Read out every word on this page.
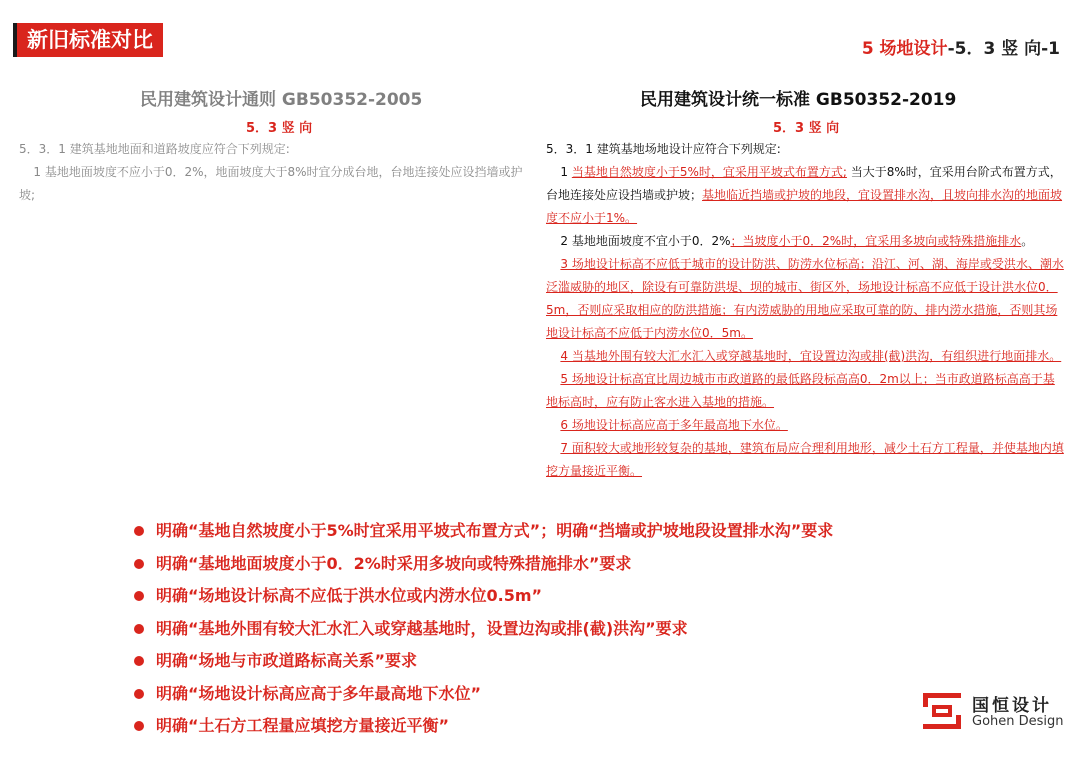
新旧标准对比	5 场地设计-5．3 竖 向-1
民用建筑设计通则 GB50352-2005	民用建筑设计统一标准 GB50352-2019
5．3 竖 向	5．3 竖 向

5．3．1 建筑基地地面和道路坡度应符合下列规定:

1 基地地面坡度不应小于0．2%，地面坡度大于8%时宜分成台地，台地连接处应设挡墙或护坡;

5．3．1 建筑基地场地设计应符合下列规定:

1 当基地自然坡度小于5%时，宜采用平坡式布置方式; 当大于8%时，宜采用台阶式布置方式，台地连接处应设挡墙或护坡；基地临近挡墙或护坡的地段，宜设置排水沟，且坡向排水沟的地面坡度不应小于1%。

2 基地地面坡度不宜小于0．2%；当坡度小于0．2%时，宜采用多坡向或特殊措施排水。

3 场地设计标高不应低于城市的设计防洪、防涝水位标高；沿江、河、湖、海岸或受洪水、潮水泛滥威胁的地区，除设有可靠防洪堤、坝的城市、街区外，场地设计标高不应低于设计洪水位0．5m，否则应采取相应的防洪措施；有内涝威胁的用地应采取可靠的防、排内涝水措施，否则其场地设计标高不应低于内涝水位0．5m。

4 当基地外围有较大汇水汇入或穿越基地时，宜设置边沟或排(截)洪沟，有组织进行地面排水。

5 场地设计标高宜比周边城市市政道路的最低路段标高高0．2m以上；当市政道路标高高于基地标高时，应有防止客水进入基地的措施。

6 场地设计标高应高于多年最高地下水位。

7 面积较大或地形较复杂的基地，建筑布局应合理利用地形，减少土石方工程量，并使基地内填挖方量接近平衡。

明确“基地自然坡度小于5%时宜采用平坡式布置方式”；明确“挡墙或护坡地段设置排水沟”要求
明确“基地地面坡度小于0．2%时采用多坡向或特殊措施排水”要求
明确“场地设计标高不应低于洪水位或内涝水位0.5m”
明确“基地外围有较大汇水汇入或穿越基地时，设置边沟或排(截)洪沟”要求
明确“场地与市政道路标高关系”要求
明确“场地设计标高应高于多年最高地下水位”
明确“土石方工程量应填挖方量接近平衡”
国恒设计
Gohen Design
